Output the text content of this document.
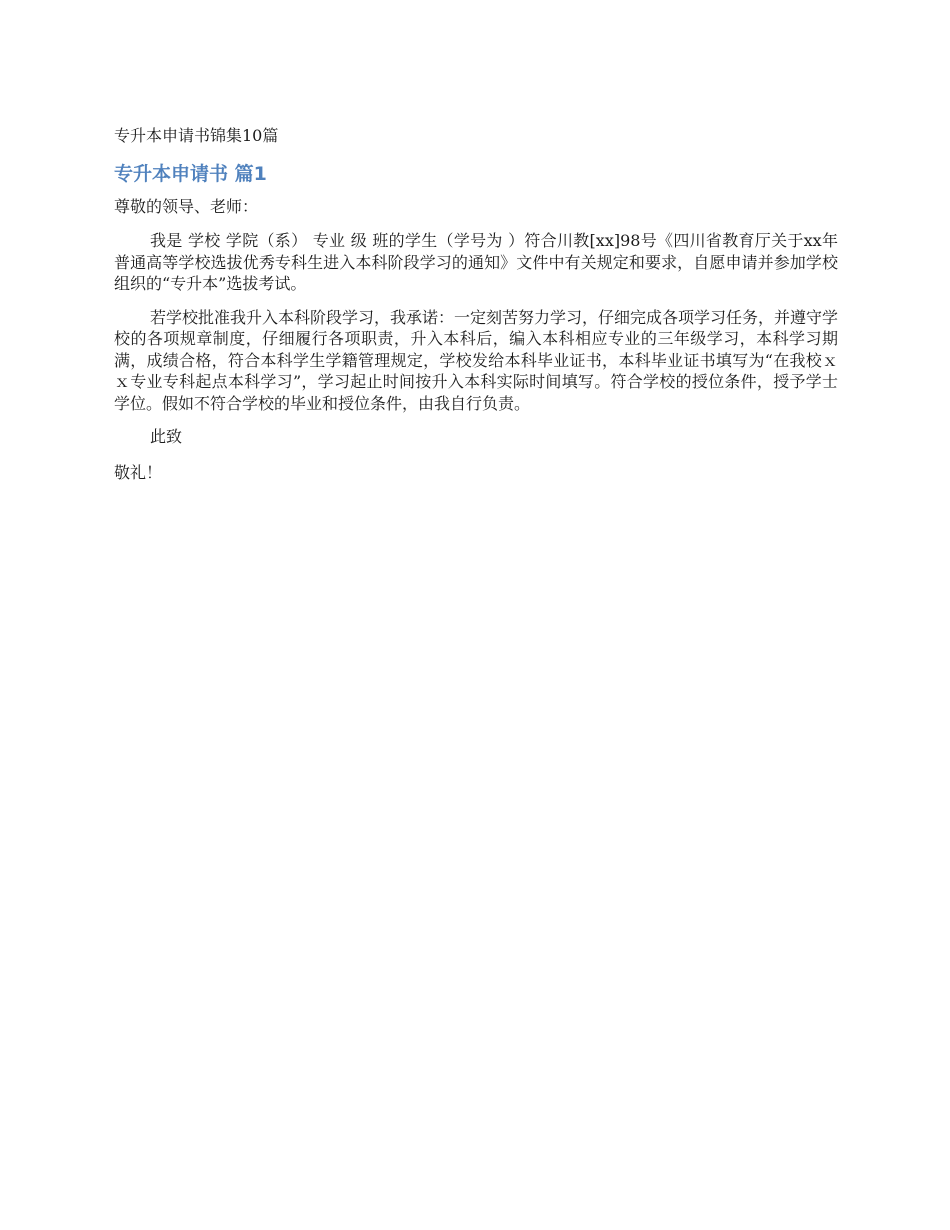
专升本申请书锦集10篇
专升本申请书 篇1
尊敬的领导、老师：

我是 学校 学院（系） 专业 级 班的学生（学号为 ）符合川教[xx]98号《四川省教育厅关于xx年普通高等学校选拔优秀专科生进入本科阶段学习的通知》文件中有关规定和要求，自愿申请并参加学校组织的“专升本”选拔考试。

若学校批准我升入本科阶段学习，我承诺：一定刻苦努力学习，仔细完成各项学习任务，并遵守学校的各项规章制度，仔细履行各项职责，升入本科后，编入本科相应专业的三年级学习，本科学习期满，成绩合格，符合本科学生学籍管理规定，学校发给本科毕业证书，本科毕业证书填写为“在我校ｘｘ专业专科起点本科学习”，学习起止时间按升入本科实际时间填写。符合学校的授位条件，授予学士学位。假如不符合学校的毕业和授位条件，由我自行负责。

此致
敬礼！
